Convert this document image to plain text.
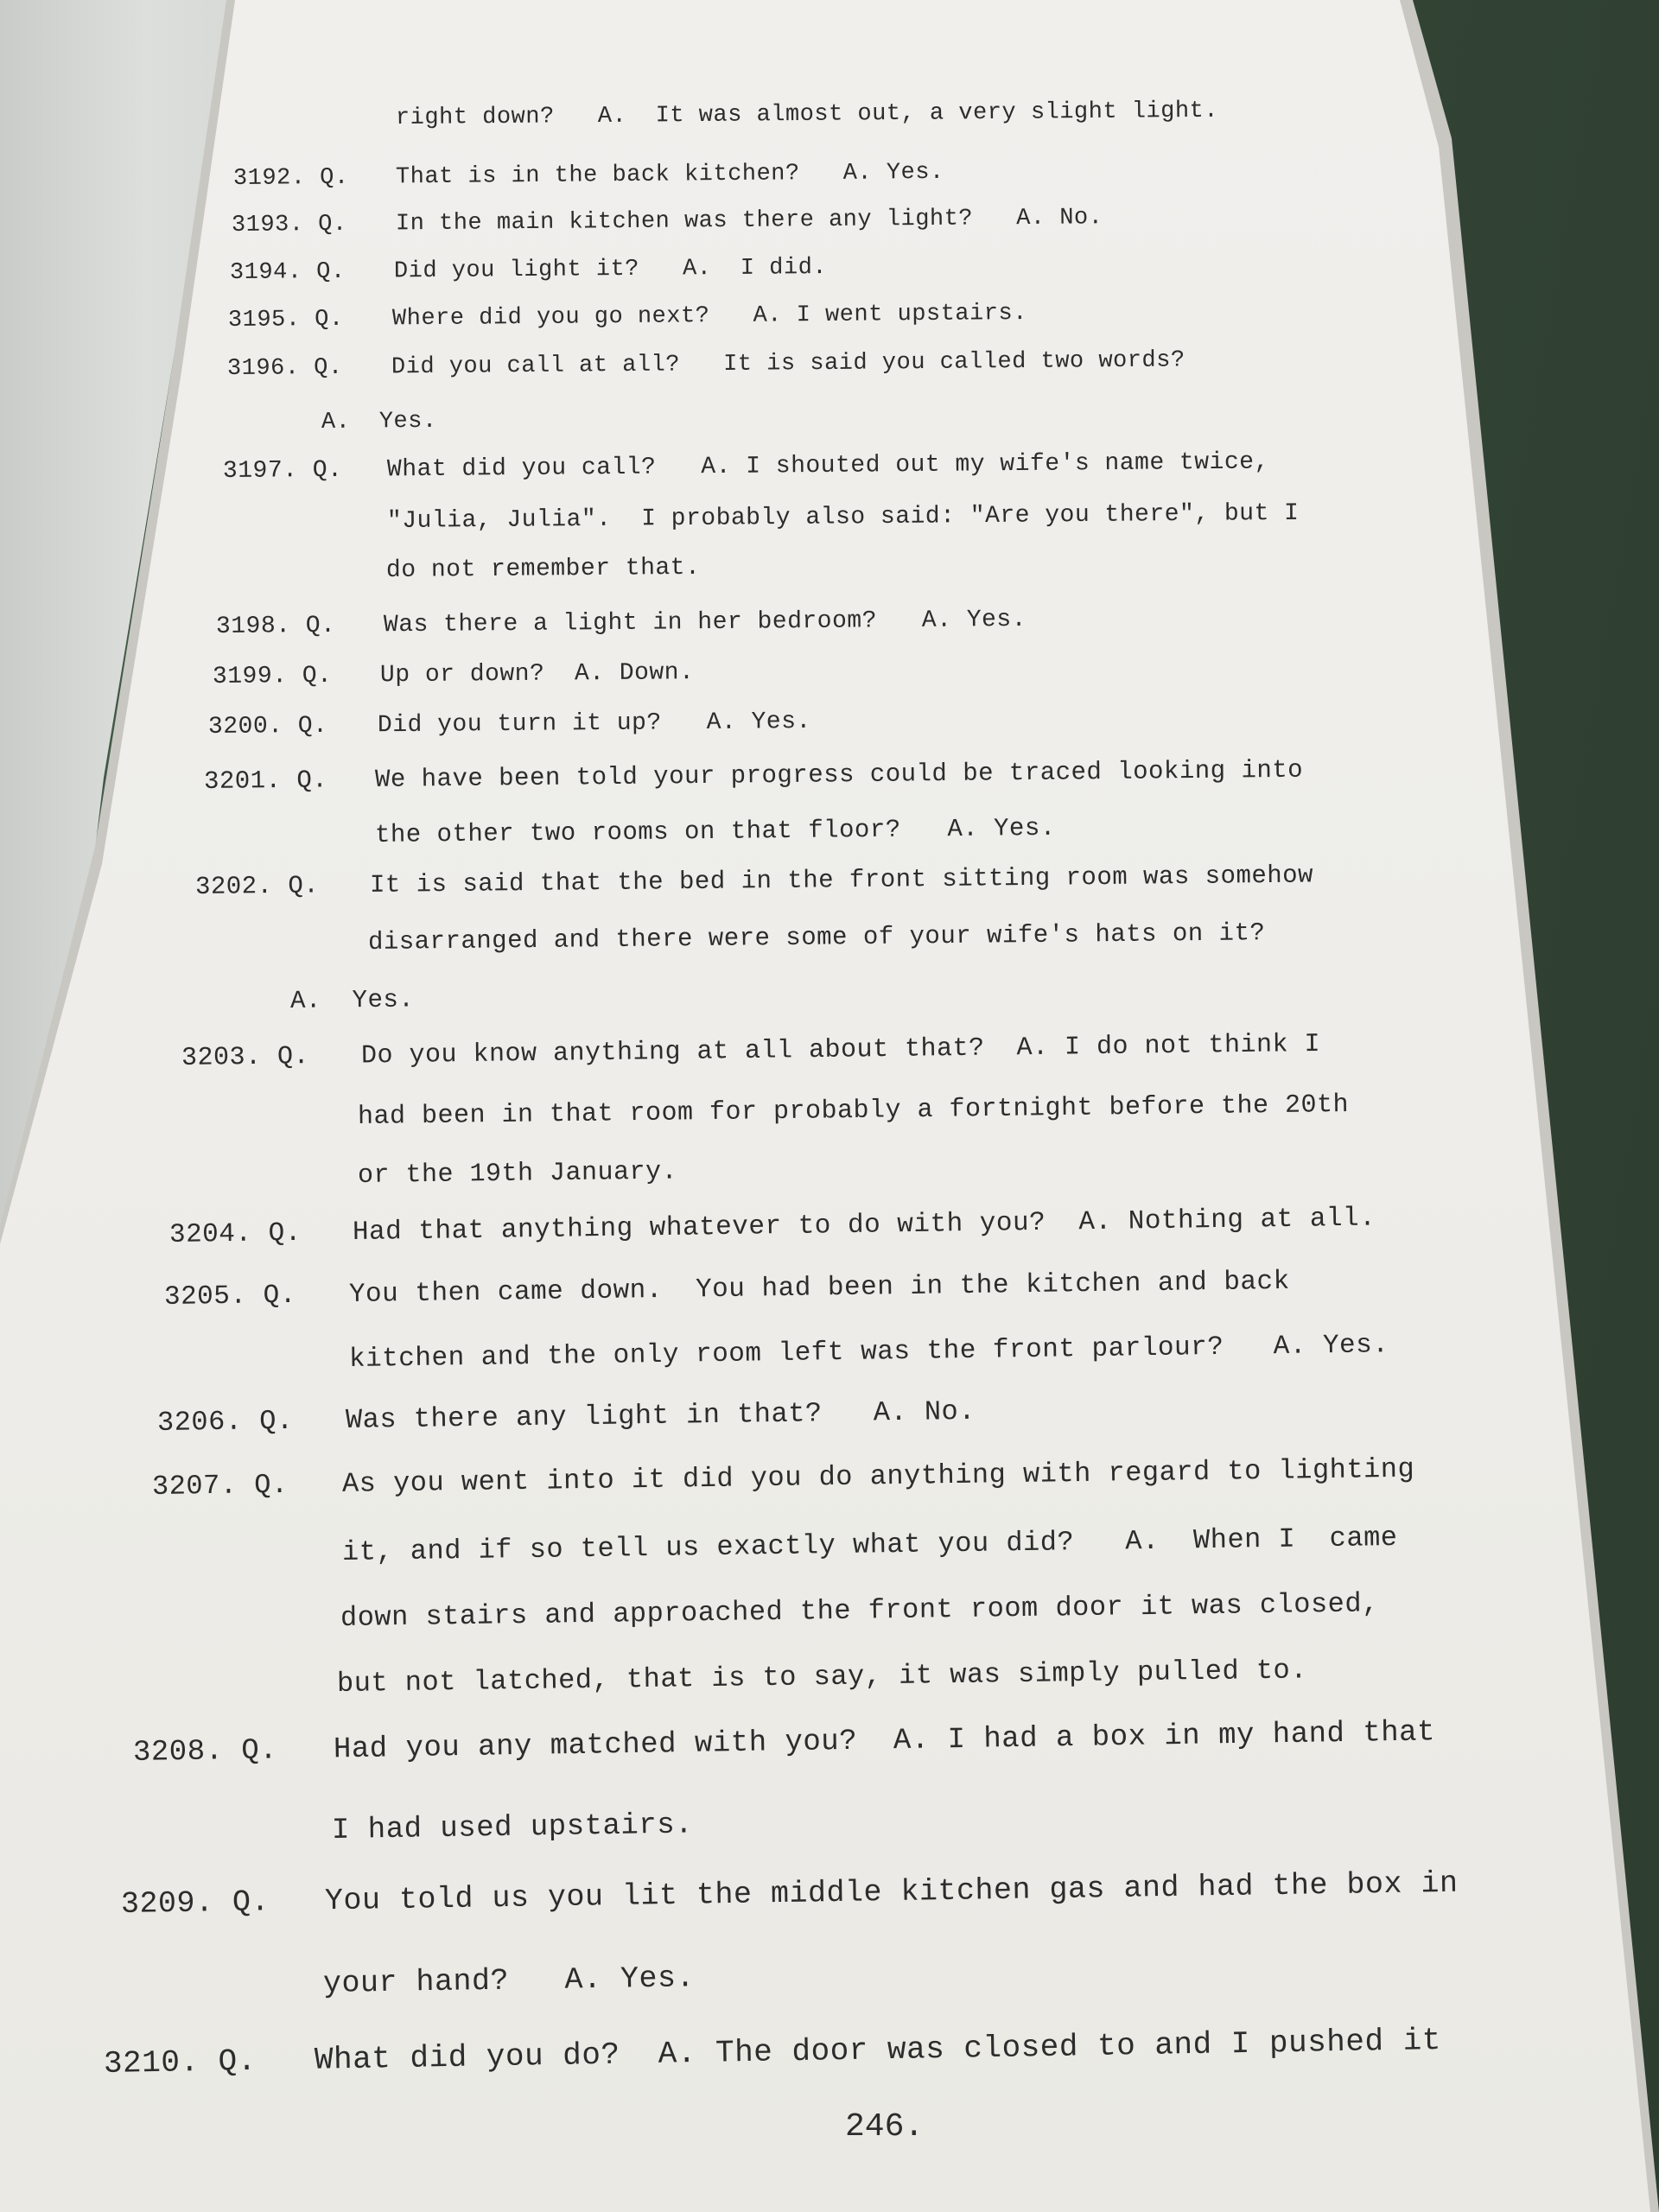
right down?   A.  It was almost out, a very slight light.
3192. Q. That is in the back kitchen?   A. Yes.
3193. Q. In the main kitchen was there any light?   A. No.
3194. Q. Did you light it?   A.  I did.
3195. Q. Where did you go next?   A. I went upstairs.
3196. Q. Did you call at all?   It is said you called two words?
A.  Yes.
3197. Q. What did you call?   A. I shouted out my wife's name twice,
"Julia, Julia".  I probably also said: "Are you there", but I
do not remember that.
3198. Q. Was there a light in her bedroom?   A. Yes.
3199. Q. Up or down?  A. Down.
3200. Q. Did you turn it up?   A. Yes.
3201. Q. We have been told your progress could be traced looking into
the other two rooms on that floor?   A. Yes.
3202. Q. It is said that the bed in the front sitting room was somehow
disarranged and there were some of your wife's hats on it?
A.  Yes.
3203. Q. Do you know anything at all about that?  A. I do not think I
had been in that room for probably a fortnight before the 20th
or the 19th January.
3204. Q. Had that anything whatever to do with you?  A. Nothing at all.
3205. Q. You then came down.  You had been in the kitchen and back
kitchen and the only room left was the front parlour?   A. Yes.
3206. Q. Was there any light in that?   A. No.
3207. Q. As you went into it did you do anything with regard to lighting
it, and if so tell us exactly what you did?   A.  When I  came
down stairs and approached the front room door it was closed,
but not latched, that is to say, it was simply pulled to.
3208. Q. Had you any matched with you?  A. I had a box in my hand that
I had used upstairs.
3209. Q. You told us you lit the middle kitchen gas and had the box in
your hand?   A. Yes.
3210. Q. What did you do?  A. The door was closed to and I pushed it
246.
